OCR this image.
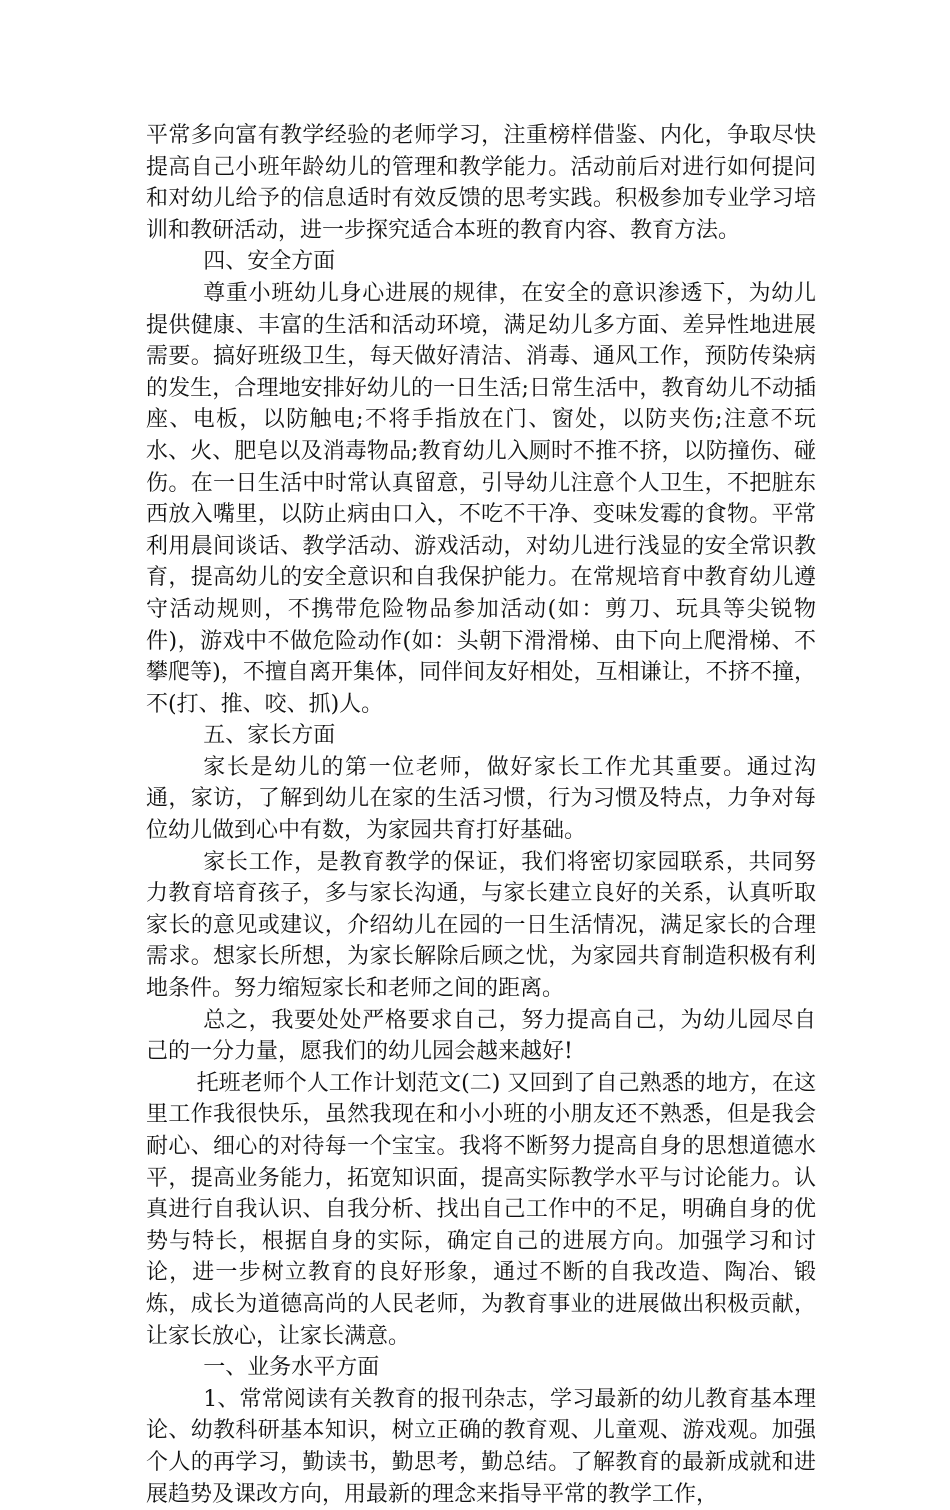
平常多向富有教学经验的老师学习，注重榜样借鉴、内化，争取尽快提高自己小班年龄幼儿的管理和教学能力。活动前后对进行如何提问和对幼儿给予的信息适时有效反馈的思考实践。积极参加专业学习培训和教研活动，进一步探究适合本班的教育内容、教育方法。

四、安全方面

尊重小班幼儿身心进展的规律，在安全的意识渗透下，为幼儿提供健康、丰富的生活和活动环境，满足幼儿多方面、差异性地进展需要。搞好班级卫生，每天做好清洁、消毒、通风工作，预防传染病的发生，合理地安排好幼儿的一日生活;日常生活中，教育幼儿不动插座、电板，以防触电;不将手指放在门、窗处，以防夹伤;注意不玩水、火、肥皂以及消毒物品;教育幼儿入厕时不推不挤，以防撞伤、碰伤。在一日生活中时常认真留意，引导幼儿注意个人卫生，不把脏东西放入嘴里，以防止病由口入，不吃不干净、变味发霉的食物。平常利用晨间谈话、教学活动、游戏活动，对幼儿进行浅显的安全常识教育，提高幼儿的安全意识和自我保护能力。在常规培育中教育幼儿遵守活动规则，不携带危险物品参加活动(如：剪刀、玩具等尖锐物件)，游戏中不做危险动作(如：头朝下滑滑梯、由下向上爬滑梯、不攀爬等)，不擅自离开集体，同伴间友好相处，互相谦让，不挤不撞，不(打、推、咬、抓)人。

五、家长方面

家长是幼儿的第一位老师，做好家长工作尤其重要。通过沟通，家访，了解到幼儿在家的生活习惯，行为习惯及特点，力争对每位幼儿做到心中有数，为家园共育打好基础。

家长工作，是教育教学的保证，我们将密切家园联系，共同努力教育培育孩子，多与家长沟通，与家长建立良好的关系，认真听取家长的意见或建议，介绍幼儿在园的一日生活情况，满足家长的合理需求。想家长所想，为家长解除后顾之忧，为家园共育制造积极有利地条件。努力缩短家长和老师之间的距离。

总之，我要处处严格要求自己，努力提高自己，为幼儿园尽自己的一分力量，愿我们的幼儿园会越来越好!

托班老师个人工作计划范文(二) 又回到了自己熟悉的地方，在这里工作我很快乐，虽然我现在和小小班的小朋友还不熟悉，但是我会耐心、细心的对待每一个宝宝。我将不断努力提高自身的思想道德水平，提高业务能力，拓宽知识面，提高实际教学水平与讨论能力。认真进行自我认识、自我分析、找出自己工作中的不足，明确自身的优势与特长，根据自身的实际，确定自己的进展方向。加强学习和讨论，进一步树立教育的良好形象，通过不断的自我改造、陶冶、锻炼，成长为道德高尚的人民老师，为教育事业的进展做出积极贡献，让家长放心，让家长满意。

一、业务水平方面

1、常常阅读有关教育的报刊杂志，学习最新的幼儿教育基本理论、幼教科研基本知识，树立正确的教育观、儿童观、游戏观。加强个人的再学习，勤读书，勤思考，勤总结。了解教育的最新成就和进展趋势及课改方向，用最新的理念来指导平常的教学工作，
